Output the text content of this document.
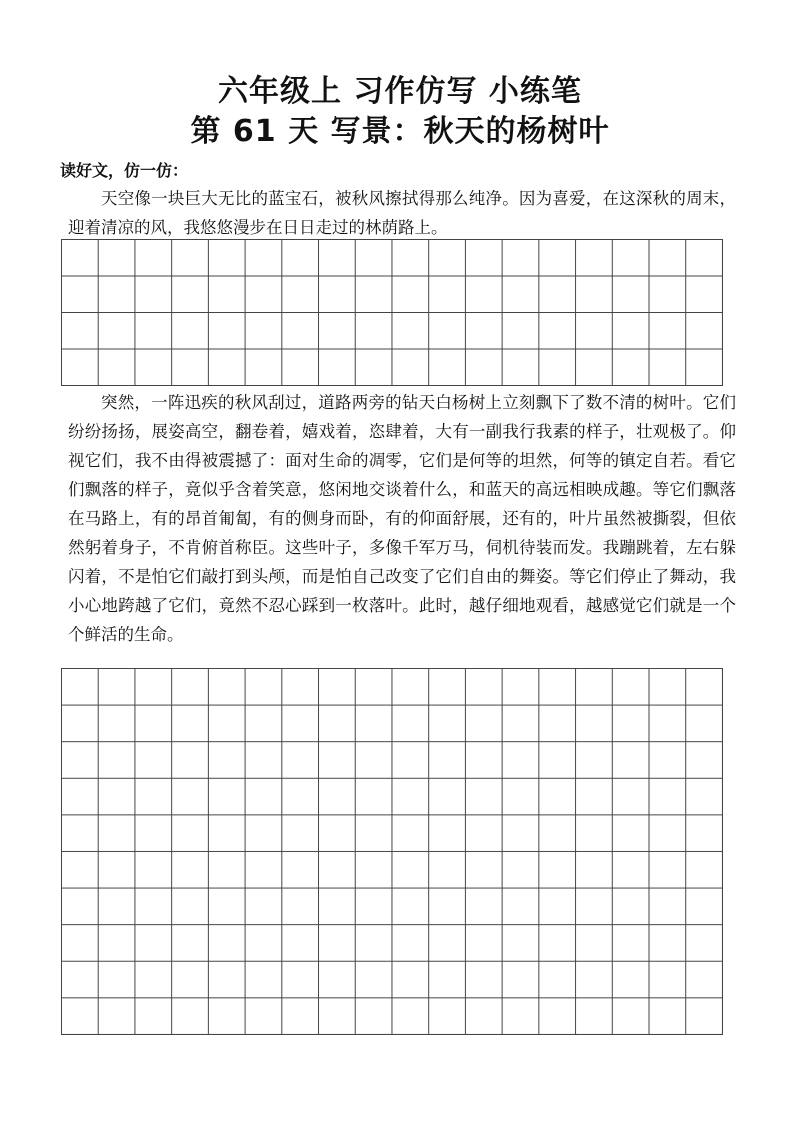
六年级上 习作仿写 小练笔
第 61 天 写景：秋天的杨树叶
读好文，仿一仿：
天空像一块巨大无比的蓝宝石，被秋风擦拭得那么纯净。因为喜爱，在这深秋的周末，迎着清凉的风，我悠悠漫步在日日走过的林荫路上。
突然，一阵迅疾的秋风刮过，道路两旁的钻天白杨树上立刻飘下了数不清的树叶。它们纷纷扬扬，展姿高空，翻卷着，嬉戏着，恣肆着，大有一副我行我素的样子，壮观极了。仰视它们，我不由得被震撼了：面对生命的凋零，它们是何等的坦然，何等的镇定自若。看它们飘落的样子，竟似乎含着笑意，悠闲地交谈着什么，和蓝天的高远相映成趣。等它们飘落在马路上，有的昂首匍匐，有的侧身而卧，有的仰面舒展，还有的，叶片虽然被撕裂，但依然躬着身子，不肯俯首称臣。这些叶子，多像千军万马，伺机待装而发。我蹦跳着，左右躲闪着，不是怕它们敲打到头颅，而是怕自己改变了它们自由的舞姿。等它们停止了舞动，我小心地跨越了它们，竟然不忍心踩到一枚落叶。此时，越仔细地观看，越感觉它们就是一个个鲜活的生命。
